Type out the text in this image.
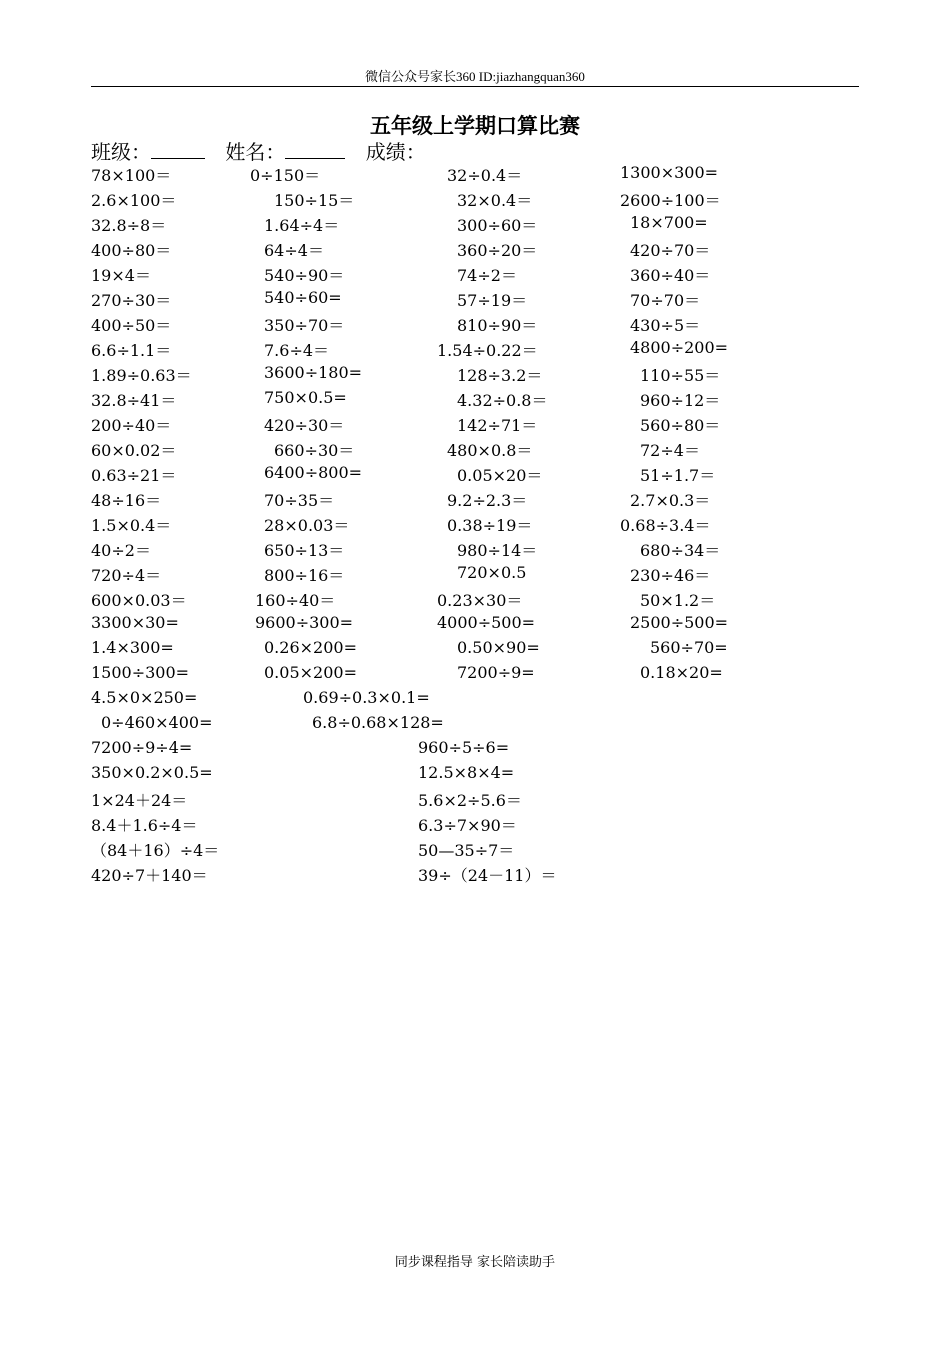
微信公众号家长360 ID:jiazhangquan360
五年级上学期口算比赛
班级：	姓名：	成绩：
78×100＝	0÷150＝	32÷0.4＝	1300×300=
2.6×100＝	150÷15＝	32×0.4＝	2600÷100＝
32.8÷8＝	1.64÷4＝	300÷60＝	18×700=
400÷80＝	64÷4＝	360÷20＝	420÷70＝
19×4＝	540÷90＝	74÷2＝	360÷40＝
270÷30＝	540÷60=	57÷19＝	70÷70＝
400÷50＝	350÷70＝	810÷90＝	430÷5＝
6.6÷1.1＝	7.6÷4＝	1.54÷0.22＝	4800÷200=
1.89÷0.63＝	3600÷180=	128÷3.2＝	110÷55＝
32.8÷41＝	750×0.5=	4.32÷0.8＝	960÷12＝
200÷40＝	420÷30＝	142÷71＝	560÷80＝
60×0.02＝	660÷30＝	480×0.8＝	72÷4＝
0.63÷21＝	6400÷800=	0.05×20＝	51÷1.7＝
48÷16＝	70÷35＝	9.2÷2.3＝	2.7×0.3＝
1.5×0.4＝	28×0.03＝	0.38÷19＝	0.68÷3.4＝
40÷2＝	650÷13＝	980÷14＝	680÷34＝
720÷4＝	800÷16＝	720×0.5	230÷46＝
600×0.03＝	160÷40＝	0.23×30＝	50×1.2＝
3300×30=	9600÷300=	4000÷500=	2500÷500=
1.4×300=	0.26×200=	0.50×90=	560÷70=
1500÷300=	0.05×200=	7200÷9=	0.18×20=
4.5×0×250=	0.69÷0.3×0.1=
0÷460×400=	6.8÷0.68×128=
7200÷9÷4=	960÷5÷6=
350×0.2×0.5=	12.5×8×4=
1×24＋24＝	5.6×2÷5.6＝
8.4＋1.6÷4＝	6.3÷7×90＝
（84＋16）÷4＝	50—35÷7＝
420÷7＋140＝	39÷（24－11）＝
同步课程指导 家长陪读助手
